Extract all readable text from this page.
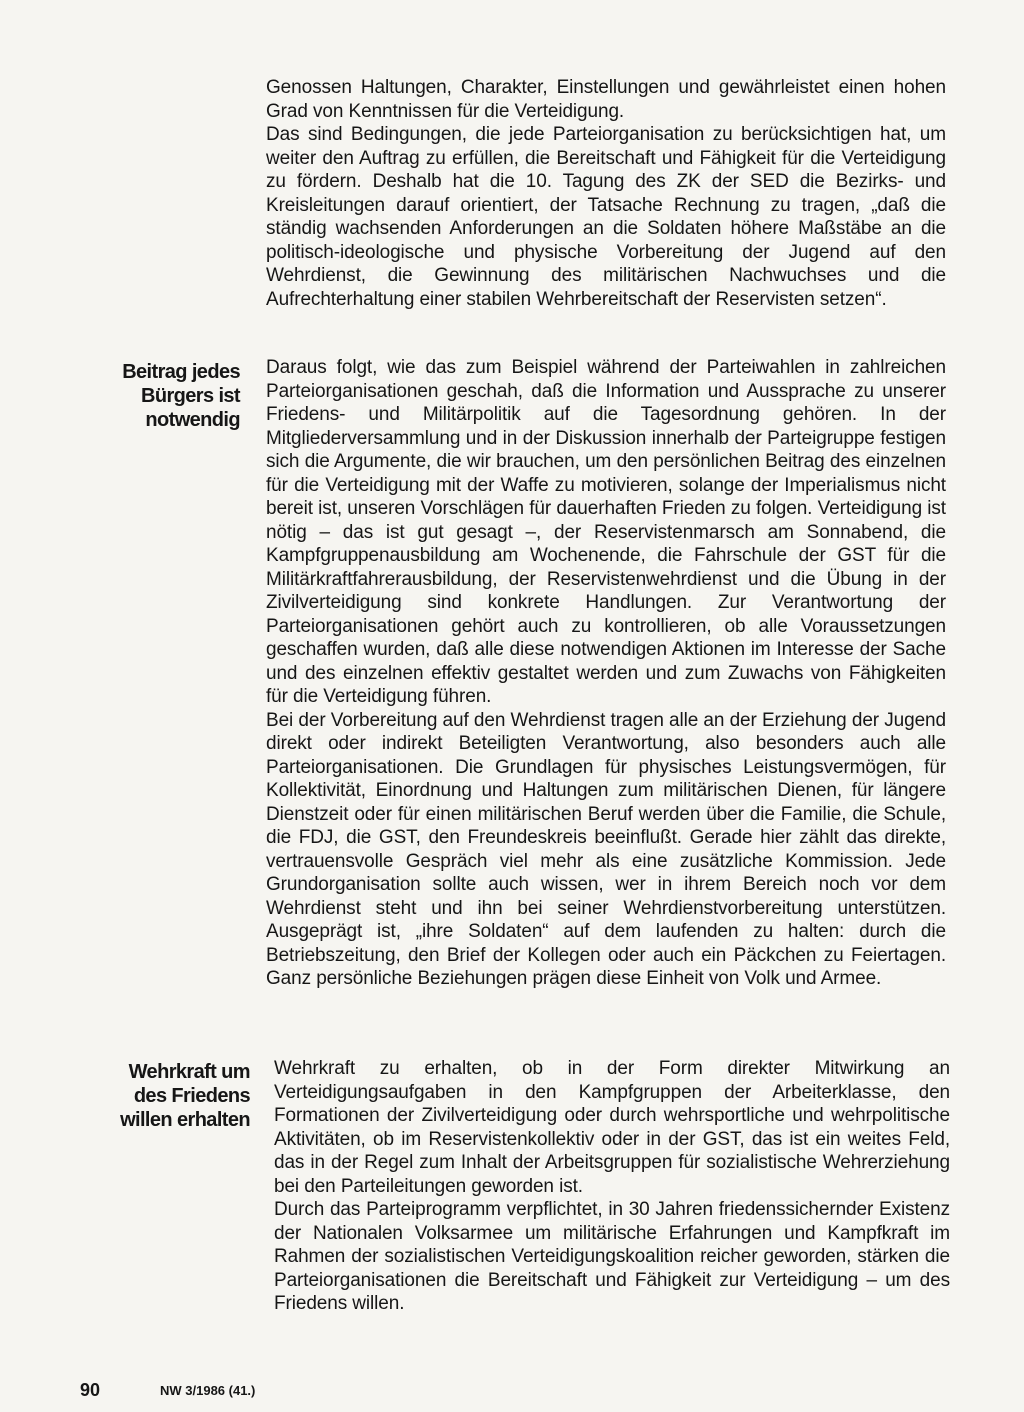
Genossen Haltungen, Charakter, Einstellungen und gewährleistet einen hohen Grad von Kenntnissen für die Verteidigung.

Das sind Bedingungen, die jede Parteiorganisation zu berücksichtigen hat, um weiter den Auftrag zu erfüllen, die Bereitschaft und Fähigkeit für die Verteidigung zu fördern. Deshalb hat die 10. Tagung des ZK der SED die Bezirks- und Kreisleitungen darauf orientiert, der Tatsache Rechnung zu tragen, „daß die ständig wachsenden Anforderungen an die Soldaten höhere Maßstäbe an die politisch-ideologische und physische Vorbereitung der Jugend auf den Wehrdienst, die Gewinnung des militärischen Nachwuchses und die Aufrechterhaltung einer stabilen Wehrbereitschaft der Reservisten setzen“.

Beitrag jedes
Bürgers ist
notwendig

Daraus folgt, wie das zum Beispiel während der Parteiwahlen in zahlreichen Parteiorganisationen geschah, daß die Information und Aussprache zu unserer Friedens- und Militärpolitik auf die Tagesordnung gehören. In der Mitgliederversammlung und in der Diskussion innerhalb der Parteigruppe festigen sich die Argumente, die wir brauchen, um den persönlichen Beitrag des einzelnen für die Verteidigung mit der Waffe zu motivieren, solange der Imperialismus nicht bereit ist, unseren Vorschlägen für dauerhaften Frieden zu folgen. Verteidigung ist nötig – das ist gut gesagt –, der Reservistenmarsch am Sonnabend, die Kampfgruppenausbildung am Wochenende, die Fahrschule der GST für die Militärkraftfahrerausbildung, der Reservistenwehrdienst und die Übung in der Zivilverteidigung sind konkrete Handlungen. Zur Verantwortung der Parteiorganisationen gehört auch zu kontrollieren, ob alle Voraussetzungen geschaffen wurden, daß alle diese notwendigen Aktionen im Interesse der Sache und des einzelnen effektiv gestaltet werden und zum Zuwachs von Fähigkeiten für die Verteidigung führen.

Bei der Vorbereitung auf den Wehrdienst tragen alle an der Erziehung der Jugend direkt oder indirekt Beteiligten Verantwortung, also besonders auch alle Parteiorganisationen. Die Grundlagen für physisches Leistungsvermögen, für Kollektivität, Einordnung und Haltungen zum militärischen Dienen, für längere Dienstzeit oder für einen militärischen Beruf werden über die Familie, die Schule, die FDJ, die GST, den Freundeskreis beeinflußt. Gerade hier zählt das direkte, vertrauensvolle Gespräch viel mehr als eine zusätzliche Kommission. Jede Grundorganisation sollte auch wissen, wer in ihrem Bereich noch vor dem Wehrdienst steht und ihn bei seiner Wehrdienstvorbereitung unterstützen. Ausgeprägt ist, „ihre Soldaten“ auf dem laufenden zu halten: durch die Betriebszeitung, den Brief der Kollegen oder auch ein Päckchen zu Feiertagen. Ganz persönliche Beziehungen prägen diese Einheit von Volk und Armee.

Wehrkraft um
des Friedens
willen erhalten

Wehrkraft zu erhalten, ob in der Form direkter Mitwirkung an Verteidigungsaufgaben in den Kampfgruppen der Arbeiterklasse, den Formationen der Zivilverteidigung oder durch wehrsportliche und wehrpolitische Aktivitäten, ob im Reservistenkollektiv oder in der GST, das ist ein weites Feld, das in der Regel zum Inhalt der Arbeitsgruppen für sozialistische Wehrerziehung bei den Parteileitungen geworden ist.

Durch das Parteiprogramm verpflichtet, in 30 Jahren friedenssichernder Existenz der Nationalen Volksarmee um militärische Erfahrungen und Kampfkraft im Rahmen der sozialistischen Verteidigungskoalition reicher geworden, stärken die Parteiorganisationen die Bereitschaft und Fähigkeit zur Verteidigung – um des Friedens willen.

90	NW 3/1986 (41.)
